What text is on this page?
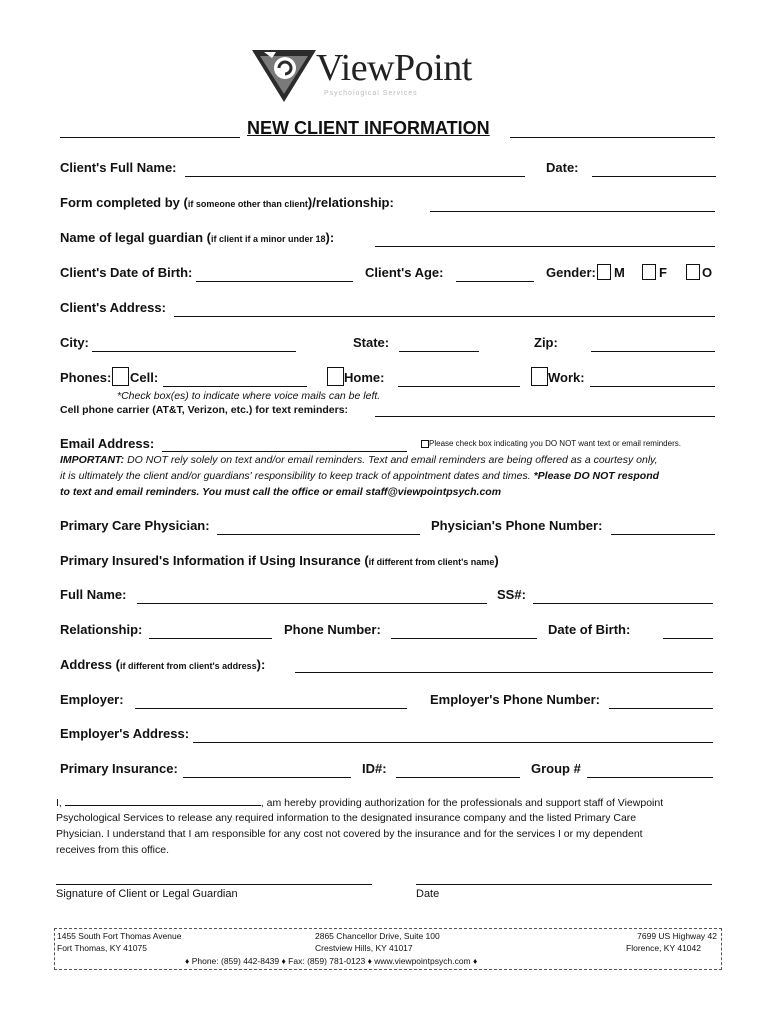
ViewPoint
Psychological Services
NEW CLIENT INFORMATION
Client's Full Name:	Date:
Form completed by (if someone other than client)/relationship:
Name of legal guardian (if client if a minor under 18):
Client's Date of Birth:	Client's Age:	Gender: M	F	O
Client's Address:
City:	State:	Zip:
Phones: Cell:	Home:	Work:
*Check box(es) to indicate where voice mails can be left.
Cell phone carrier (AT&T, Verizon, etc.) for text reminders:
Email Address:	Please check box indicating you DO NOT want text or email reminders.
IMPORTANT: DO NOT rely solely on text and/or email reminders. Text and email reminders are being offered as a courtesy only,
it is ultimately the client and/or guardians' responsibility to keep track of appointment dates and times. *Please DO NOT respond
to text and email reminders. You must call the office or email staff@viewpointpsych.com
Primary Care Physician:	Physician's Phone Number:
Primary Insured's Information if Using Insurance (if different from client's name)
Full Name:	SS#:
Relationship:	Phone Number:	Date of Birth:
Address (if different from client's address):
Employer:	Employer's Phone Number:
Employer's Address:
Primary Insurance:	ID#:	Group #
I,	, am hereby providing authorization for the professionals and support staff of Viewpoint
Psychological Services to release any required information to the designated insurance company and the listed Primary Care
Physician. I understand that I am responsible for any cost not covered by the insurance and for the services I or my dependent
receives from this office.
Signature of Client or Legal Guardian	Date
1455 South Fort Thomas Avenue
Fort Thomas, KY 41075
2865 Chancellor Drive, Suite 100
Crestview Hills, KY 41017
7699 US Highway 42
Florence, KY 41042
♦ Phone: (859) 442-8439 ♦ Fax: (859) 781-0123 ♦ www.viewpointpsych.com ♦
